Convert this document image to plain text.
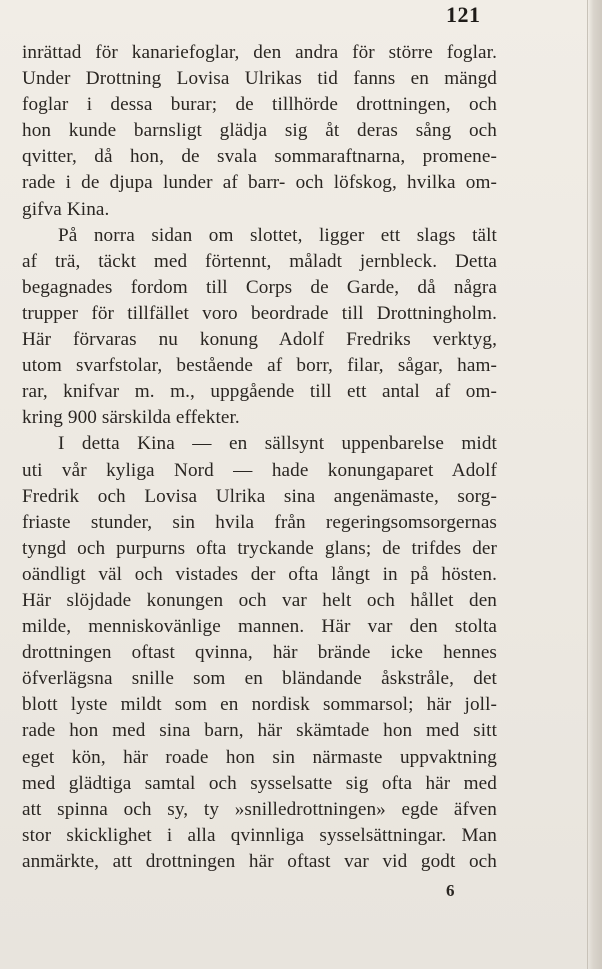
121
inrättad för kanariefoglar, den andra för större foglar.
Under Drottning Lovisa Ulrikas tid fanns en mängd
foglar i dessa burar; de tillhörde drottningen, och
hon kunde barnsligt glädja sig åt deras sång och
qvitter, då hon, de svala sommaraftnarna, promene-
rade i de djupa lunder af barr- och löfskog, hvilka om-
gifva Kina.
På norra sidan om slottet, ligger ett slags tält
af trä, täckt med förtennt, måladt jernbleck. Detta
begagnades fordom till Corps de Garde, då några
trupper för tillfället voro beordrade till Drottningholm.
Här förvaras nu konung Adolf Fredriks verktyg,
utom svarfstolar, bestående af borr, filar, sågar, ham-
rar, knifvar m. m., uppgående till ett antal af om-
kring 900 särskilda effekter.
I detta Kina — en sällsynt uppenbarelse midt
uti vår kyliga Nord — hade konungaparet Adolf
Fredrik och Lovisa Ulrika sina angenämaste, sorg-
friaste stunder, sin hvila från regeringsomsorgernas
tyngd och purpurns ofta tryckande glans; de trifdes der
oändligt väl och vistades der ofta långt in på hösten.
Här slöjdade konungen och var helt och hållet den
milde, menniskovänlige mannen. Här var den stolta
drottningen oftast qvinna, här brände icke hennes
öfverlägsna snille som en bländande åskstråle, det
blott lyste mildt som en nordisk sommarsol; här joll-
rade hon med sina barn, här skämtade hon med sitt
eget kön, här roade hon sin närmaste uppvaktning
med glädtiga samtal och sysselsatte sig ofta här med
att spinna och sy, ty »snilledrottningen» egde äfven
stor skicklighet i alla qvinnliga sysselsättningar. Man
anmärkte, att drottningen här oftast var vid godt och
6
